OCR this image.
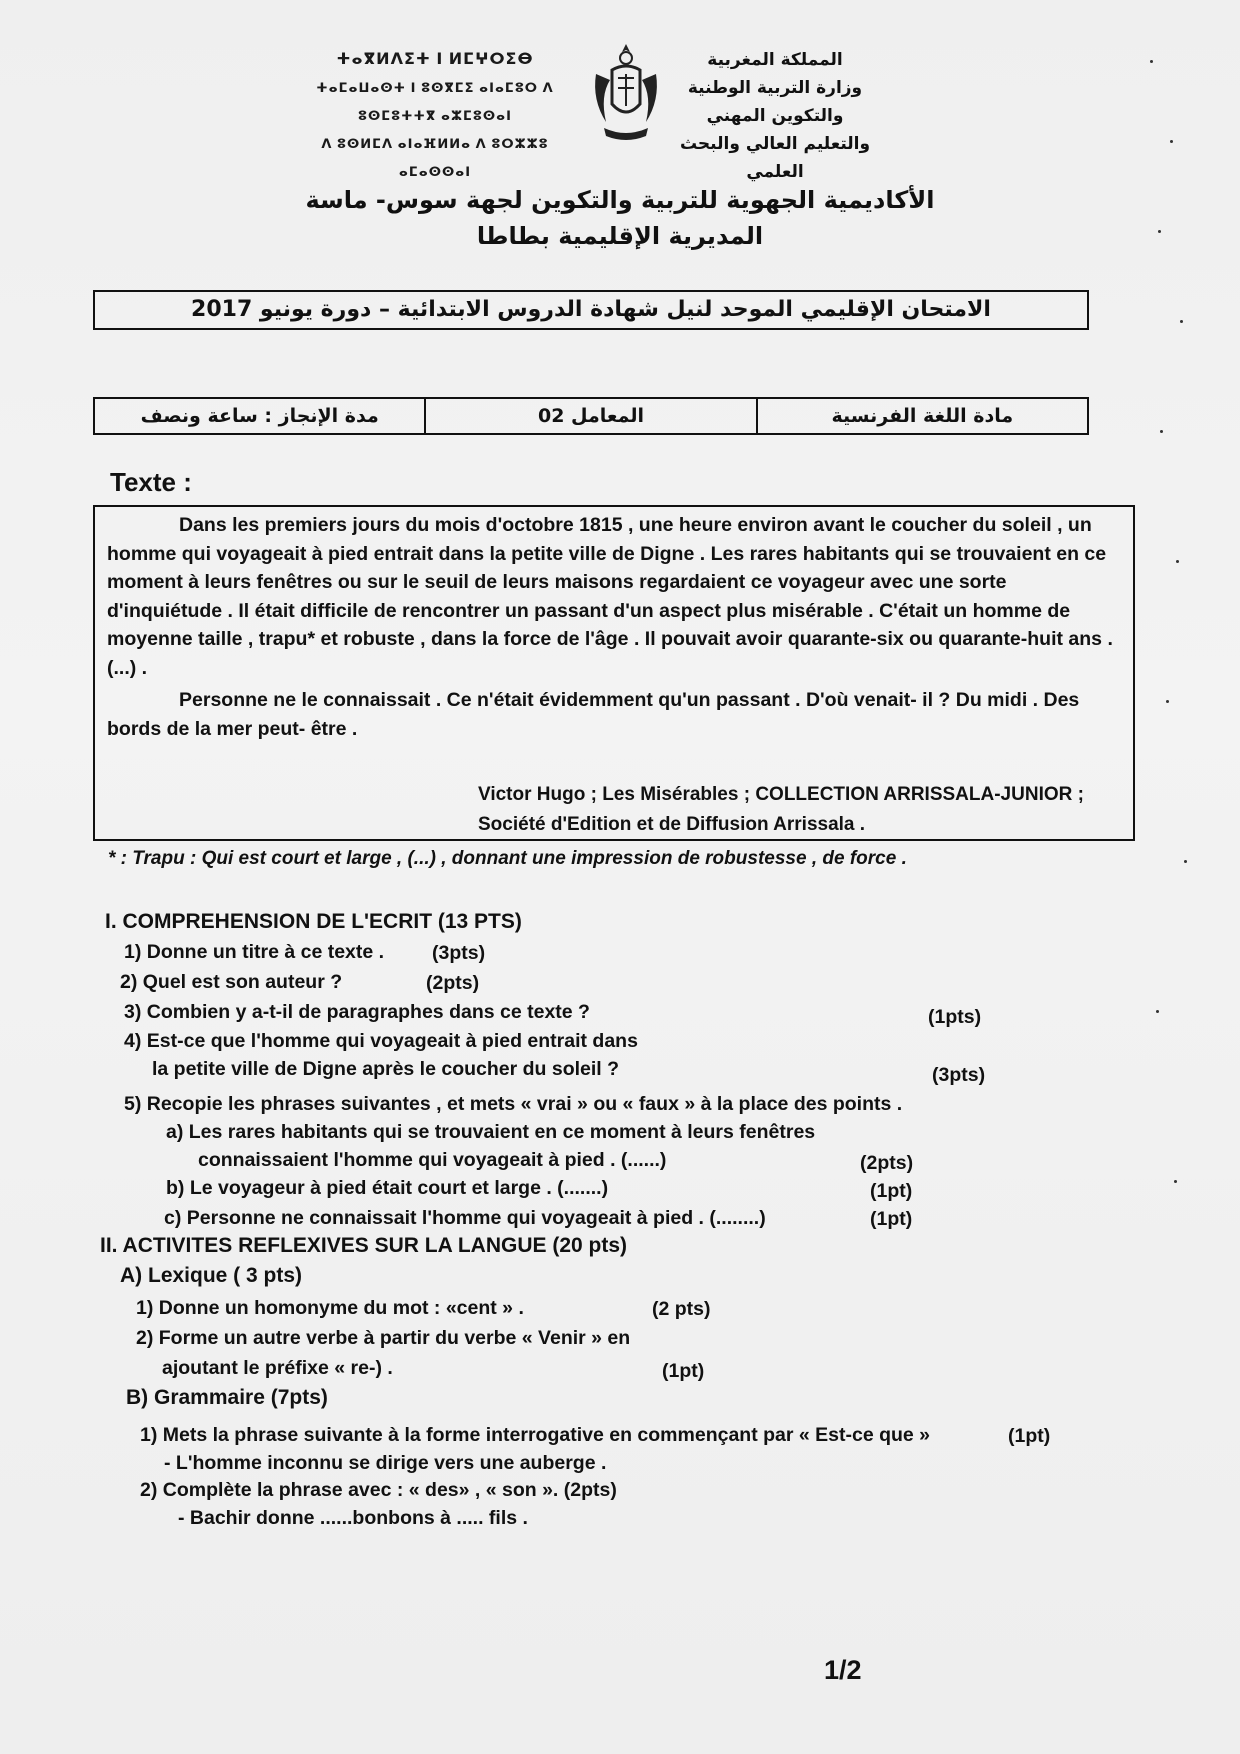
ⵜⴰⴳⵍⴷⵉⵜ ⵏ ⵍⵎⵖⵔⵉⴱ
ⵜⴰⵎⴰⵡⴰⵙⵜ ⵏ ⵓⵙⴳⵎⵉ ⴰⵏⴰⵎⵓⵔ ⴷ ⵓⵙⵎⵓⵜⵜⴳ ⴰⵣⵎⵓⵙⴰⵏ
ⴷ ⵓⵙⵍⵎⴷ ⴰⵏⴰⴼⵍⵍⴰ ⴷ ⵓⵔⵣⵣⵓ ⴰⵎⴰⵙⵙⴰⵏ
المملكة المغربية
وزارة التربية الوطنية والتكوين المهني
والتعليم العالي والبحث العلمي
الأكاديمية الجهوية للتربية والتكوين لجهة سوس- ماسة
المديرية الإقليمية بطاطا
الامتحان الإقليمي الموحد لنيل شهادة الدروس الابتدائية – دورة يونيو 2017
مادة اللغة الفرنسية
المعامل 02
مدة الإنجاز : ساعة ونصف
Texte :

Dans les premiers jours du mois d'octobre 1815 , une heure environ avant le coucher du soleil , un homme qui voyageait à pied entrait dans la petite ville de Digne . Les rares habitants qui se trouvaient en ce moment à leurs fenêtres ou sur le seuil de leurs maisons regardaient ce voyageur avec une sorte d'inquiétude . Il était difficile de rencontrer un passant d'un aspect plus misérable . C'était un homme de moyenne taille , trapu* et robuste , dans la force de l'âge . Il pouvait avoir quarante-six ou quarante-huit ans . (...) .

Personne ne le connaissait . Ce n'était évidemment qu'un passant . D'où venait- il ? Du midi . Des bords de la mer peut- être .

Victor Hugo ; Les Misérables ; COLLECTION ARRISSALA-JUNIOR ;
Société d'Edition et de Diffusion Arrissala .
* : Trapu : Qui est court et large , (...) , donnant une impression de robustesse , de force .
I. COMPREHENSION DE L'ECRIT (13 PTS)
1) Donne un titre à ce texte . (3pts)
2) Quel est son auteur ?	(2pts)
3) Combien y a-t-il de paragraphes dans ce texte ?	(1pts)
4) Est-ce que l'homme qui voyageait à pied entrait dans
la petite ville de Digne après le coucher du soleil ?	(3pts)
5) Recopie les phrases suivantes , et mets « vrai » ou « faux » à la place des points .
a) Les rares habitants qui se trouvaient en ce moment à leurs fenêtres
connaissaient l'homme qui voyageait à pied . (......)	(2pts)
b) Le voyageur à pied était court et large . (.......)	(1pt)
c) Personne ne connaissait l'homme qui voyageait à pied . (........)	(1pt)
II. ACTIVITES REFLEXIVES SUR LA LANGUE (20 pts)
A) Lexique ( 3 pts)
1) Donne un homonyme du mot : «cent » .	(2 pts)
2) Forme un autre verbe à partir du verbe « Venir » en
ajoutant le préfixe « re-) .	(1pt)
B) Grammaire (7pts)
1) Mets la phrase suivante à la forme interrogative en commençant par « Est-ce que »	(1pt)
- L'homme inconnu se dirige vers une auberge .
2) Complète la phrase avec : « des» , « son ». (2pts)
- Bachir donne ......bonbons à ..... fils .
1/2
